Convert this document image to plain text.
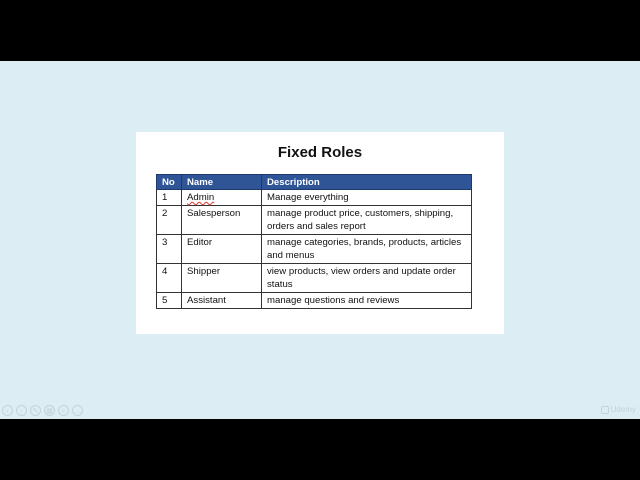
Fixed Roles
No	Name	Description
1	Admin	Manage everything
2	Salesperson	manage product price, customers, shipping, orders and sales report
3	Editor	manage categories, brands, products, articles and menus
4	Shipper	view products, view orders and update order status
5	Assistant	manage questions and reviews
‹	›	✎	▦	⌕	…	Udemy
